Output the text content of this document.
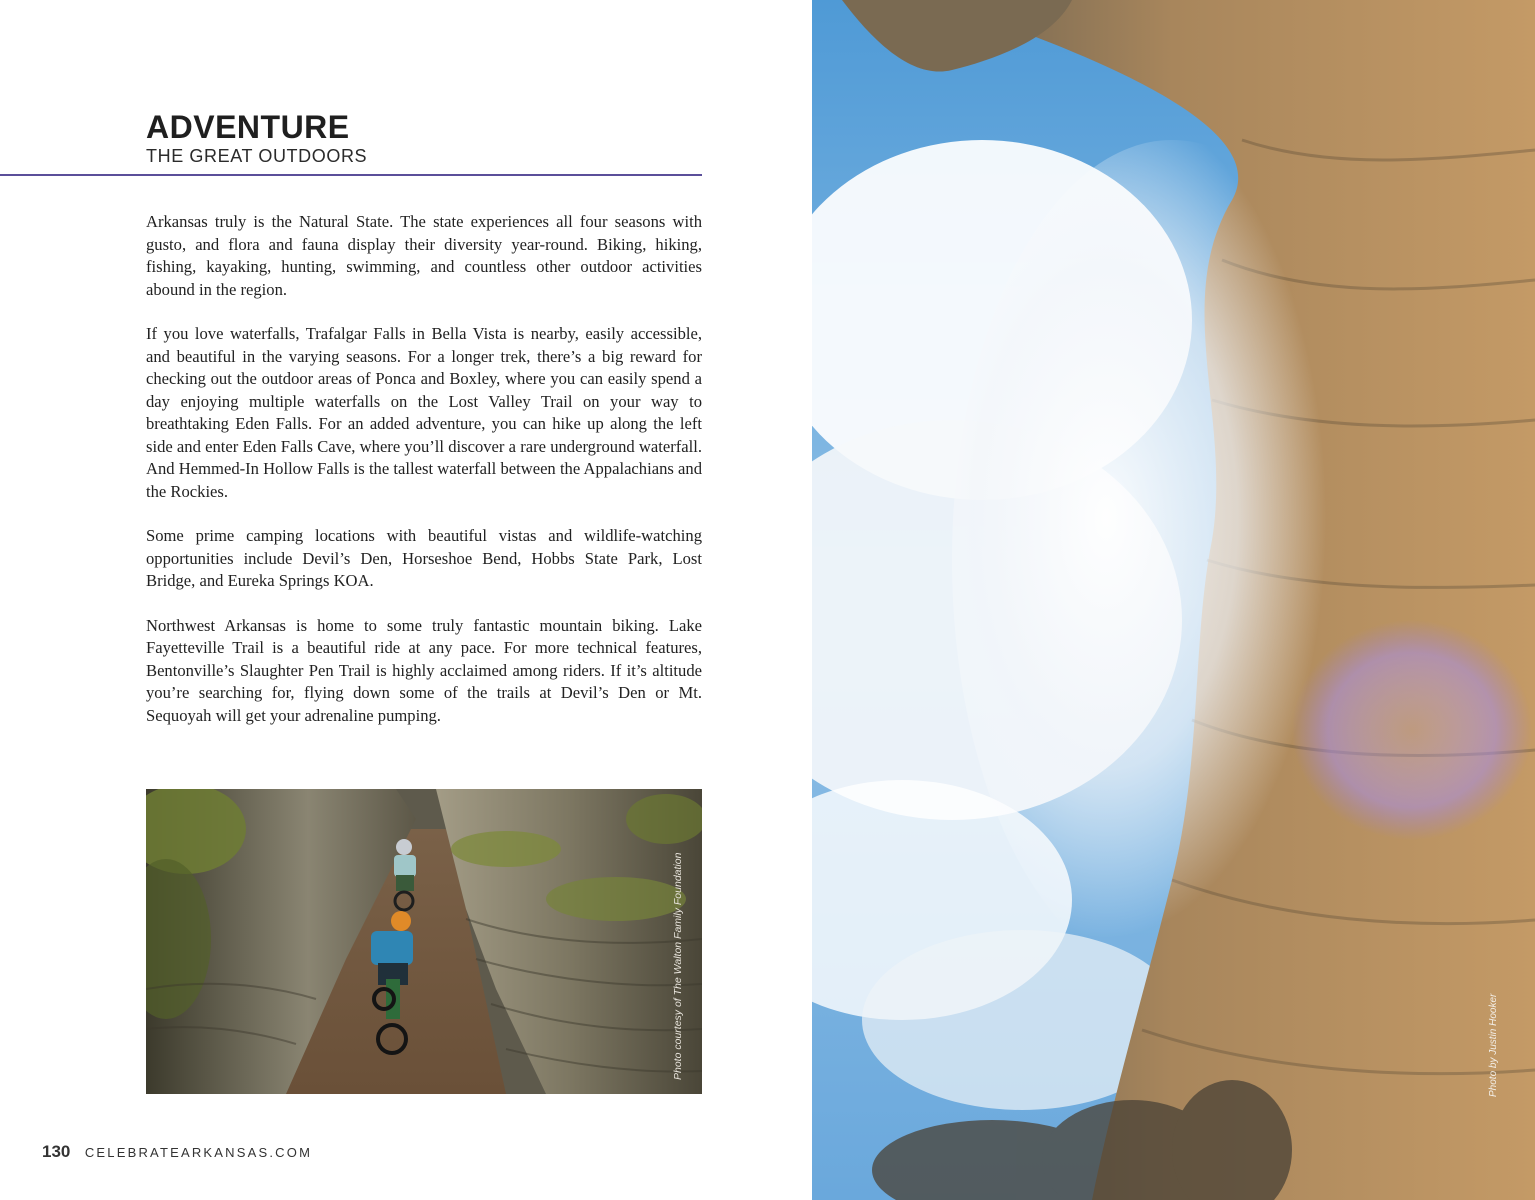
ADVENTURE
THE GREAT OUTDOORS

Arkansas truly is the Natural State. The state experiences all four seasons with gusto, and flora and fauna display their diversity year-round. Biking, hiking, fishing, kayaking, hunting, swimming, and countless other outdoor activities abound in the region.

If you love waterfalls, Trafalgar Falls in Bella Vista is nearby, easily accessible, and beautiful in the varying seasons. For a longer trek, there’s a big reward for checking out the outdoor areas of Ponca and Boxley, where you can easily spend a day enjoying multiple waterfalls on the Lost Valley Trail on your way to breathtaking Eden Falls. For an added adventure, you can hike up along the left side and enter Eden Falls Cave, where you’ll discover a rare underground waterfall. And Hemmed-In Hollow Falls is the tallest waterfall between the Appalachians and the Rockies.

Some prime camping locations with beautiful vistas and wildlife-watching opportunities include Devil’s Den, Horseshoe Bend, Hobbs State Park, Lost Bridge, and Eureka Springs KOA.

Northwest Arkansas is home to some truly fantastic mountain biking. Lake Fayetteville Trail is a beautiful ride at any pace. For more technical features, Bentonville’s Slaughter Pen Trail is highly acclaimed among riders. If it’s altitude you’re searching for, flying down some of the trails at Devil’s Den or Mt. Sequoyah will get your adrenaline pumping.

Photo courtesy of The Walton Family Foundation
130 CELEBRATEARKANSAS.COM
Photo by Justin Hooker
